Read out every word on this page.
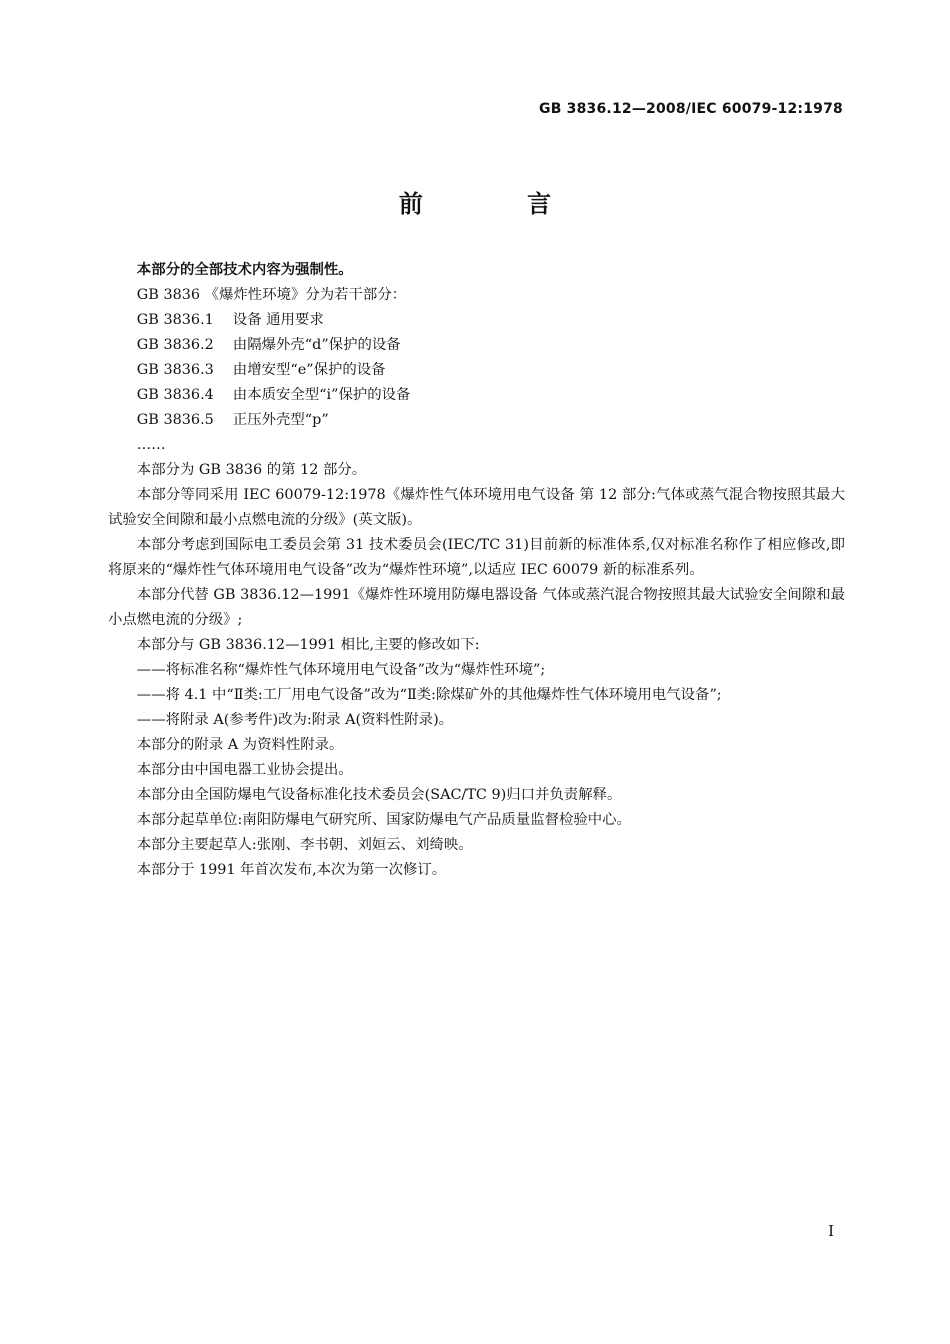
GB 3836.12—2008/IEC 60079-12:1978
前 言

本部分的全部技术内容为强制性。

GB 3836 《爆炸性环境》分为若干部分：

GB 3836.1 设备 通用要求

GB 3836.2 由隔爆外壳“d”保护的设备

GB 3836.3 由增安型“e”保护的设备

GB 3836.4 由本质安全型“i”保护的设备

GB 3836.5 正压外壳型“p”

……

本部分为 GB 3836 的第 12 部分。

本部分等同采用 IEC 60079-12:1978《爆炸性气体环境用电气设备 第 12 部分:气体或蒸气混合物按照其最大试验安全间隙和最小点燃电流的分级》(英文版)。

本部分考虑到国际电工委员会第 31 技术委员会(IEC/TC 31)目前新的标准体系,仅对标准名称作了相应修改,即将原来的“爆炸性气体环境用电气设备”改为“爆炸性环境”,以适应 IEC 60079 新的标准系列。

本部分代替 GB 3836.12—1991《爆炸性环境用防爆电器设备 气体或蒸汽混合物按照其最大试验安全间隙和最小点燃电流的分级》;

本部分与 GB 3836.12—1991 相比,主要的修改如下:

——将标准名称“爆炸性气体环境用电气设备”改为“爆炸性环境”;

——将 4.1 中“Ⅱ类:工厂用电气设备”改为“Ⅱ类:除煤矿外的其他爆炸性气体环境用电气设备”;

——将附录 A(参考件)改为:附录 A(资料性附录)。

本部分的附录 A 为资料性附录。

本部分由中国电器工业协会提出。

本部分由全国防爆电气设备标准化技术委员会(SAC/TC 9)归口并负责解释。

本部分起草单位:南阳防爆电气研究所、国家防爆电气产品质量监督检验中心。

本部分主要起草人:张刚、李书朝、刘姮云、刘绮映。

本部分于 1991 年首次发布,本次为第一次修订。

I
